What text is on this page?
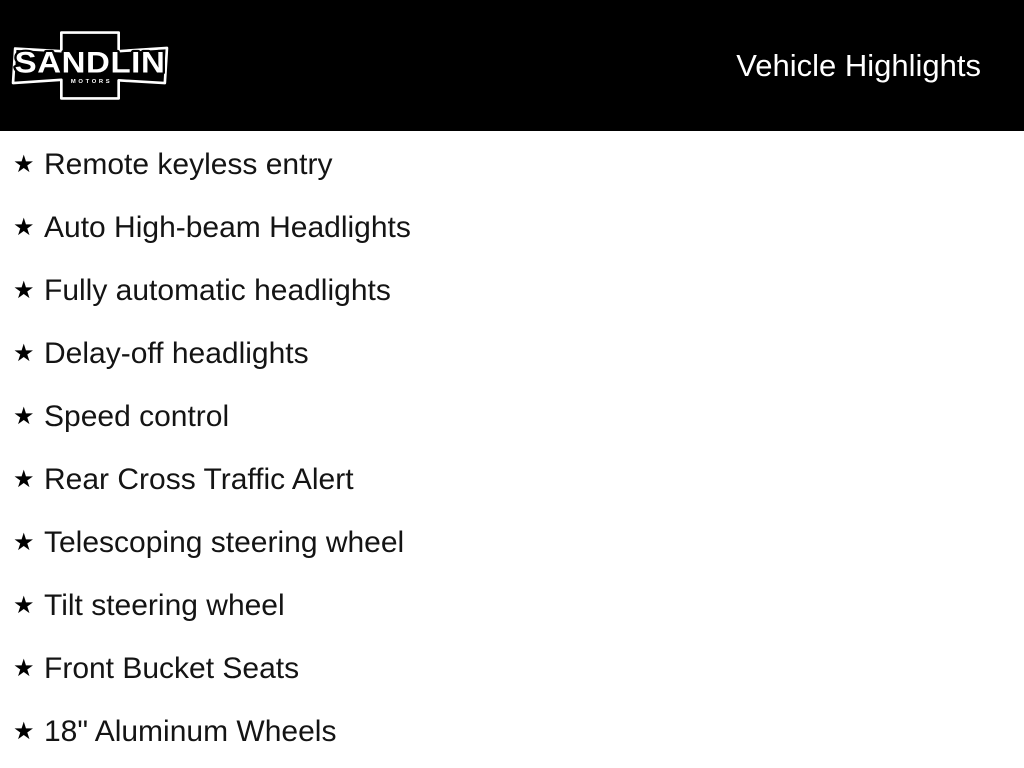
SANDLIN
MOTORS	Vehicle Highlights
★ Remote keyless entry
★ Auto High-beam Headlights
★ Fully automatic headlights
★ Delay-off headlights
★ Speed control
★ Rear Cross Traffic Alert
★ Telescoping steering wheel
★ Tilt steering wheel
★ Front Bucket Seats
★ 18" Aluminum Wheels
